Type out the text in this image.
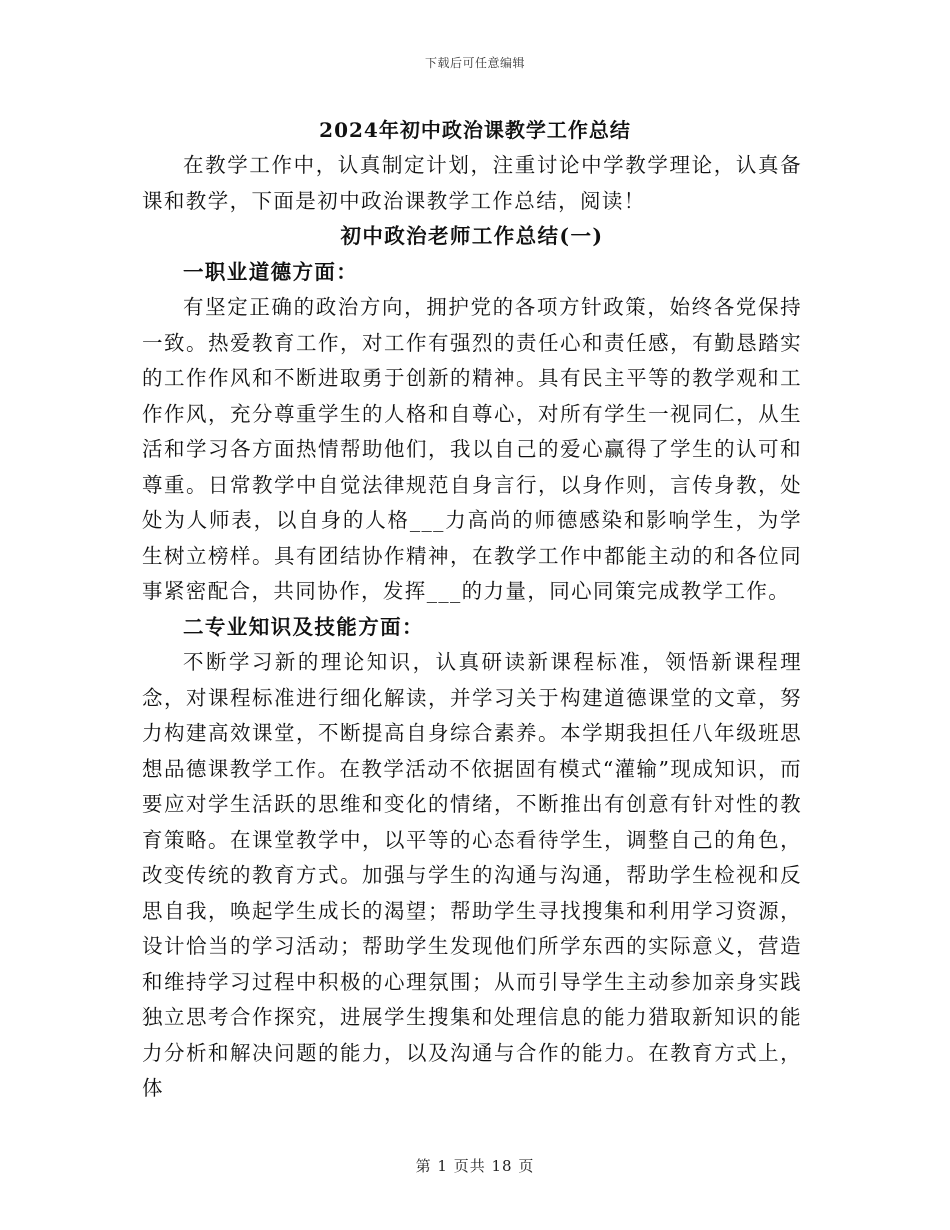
下载后可任意编辑
2024年初中政治课教学工作总结

在教学工作中，认真制定计划，注重讨论中学教学理论，认真备课和教学，下面是初中政治课教学工作总结，阅读！

初中政治老师工作总结(一)

一职业道德方面：

有坚定正确的政治方向，拥护党的各项方针政策，始终各党保持一致。热爱教育工作，对工作有强烈的责任心和责任感，有勤恳踏实的工作作风和不断进取勇于创新的精神。具有民主平等的教学观和工作作风，充分尊重学生的人格和自尊心，对所有学生一视同仁，从生活和学习各方面热情帮助他们，我以自己的爱心赢得了学生的认可和尊重。日常教学中自觉法律规范自身言行，以身作则，言传身教，处处为人师表，以自身的人格___力高尚的师德感染和影响学生，为学生树立榜样。具有团结协作精神，在教学工作中都能主动的和各位同事紧密配合，共同协作，发挥___的力量，同心同策完成教学工作。

二专业知识及技能方面：

不断学习新的理论知识，认真研读新课程标准，领悟新课程理念，对课程标准进行细化解读，并学习关于构建道德课堂的文章，努力构建高效课堂，不断提高自身综合素养。本学期我担任八年级班思想品德课教学工作。在教学活动不依据固有模式“灌输”现成知识，而要应对学生活跃的思维和变化的情绪，不断推出有创意有针对性的教育策略。在课堂教学中，以平等的心态看待学生，调整自己的角色，改变传统的教育方式。加强与学生的沟通与沟通，帮助学生检视和反思自我，唤起学生成长的渴望；帮助学生寻找搜集和利用学习资源，设计恰当的学习活动；帮助学生发现他们所学东西的实际意义，营造和维持学习过程中积极的心理氛围；从而引导学生主动参加亲身实践独立思考合作探究，进展学生搜集和处理信息的能力猎取新知识的能力分析和解决问题的能力，以及沟通与合作的能力。在教育方式上，体

第 1 页共 18 页
